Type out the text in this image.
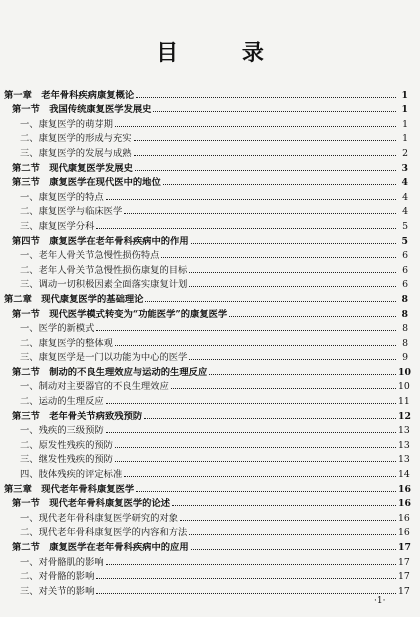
目 录
第一章　老年骨科疾病康复概论	1
第一节　我国传统康复医学发展史	1
一、康复医学的萌芽期	1
二、康复医学的形成与充实	1
三、康复医学的发展与成熟	2
第二节　现代康复医学发展史	3
第三节　康复医学在现代医中的地位	4
一、康复医学的特点	4
二、康复医学与临床医学	4
三、康复医学分科	5
第四节　康复医学在老年骨科疾病中的作用	5
一、老年人骨关节急慢性损伤特点	6
二、老年人骨关节急慢性损伤康复的目标	6
三、调动一切积极因素全面落实康复计划	6
第二章　现代康复医学的基础理论	8
第一节　现代医学模式转变为“功能医学”的康复医学	8
一、医学的新模式	8
二、康复医学的整体观	8
三、康复医学是一门以功能为中心的医学	9
第二节　制动的不良生理效应与运动的生理反应	10
一、制动对主要器官的不良生理效应	10
二、运动的生理反应	11
第三节　老年骨关节病致残预防	12
一、残疾的三级预防	13
二、原发性残疾的预防	13
三、继发性残疾的预防	13
四、肢体残疾的评定标准	14
第三章　现代老年骨科康复医学	16
第一节　现代老年骨科康复医学的论述	16
一、现代老年骨科康复医学研究的对象	16
二、现代老年骨科康复医学的内容和方法	16
第二节　康复医学在老年骨科疾病中的应用	17
一、对骨骼肌的影响	17
二、对骨骼的影响	17
三、对关节的影响	17
·1·
